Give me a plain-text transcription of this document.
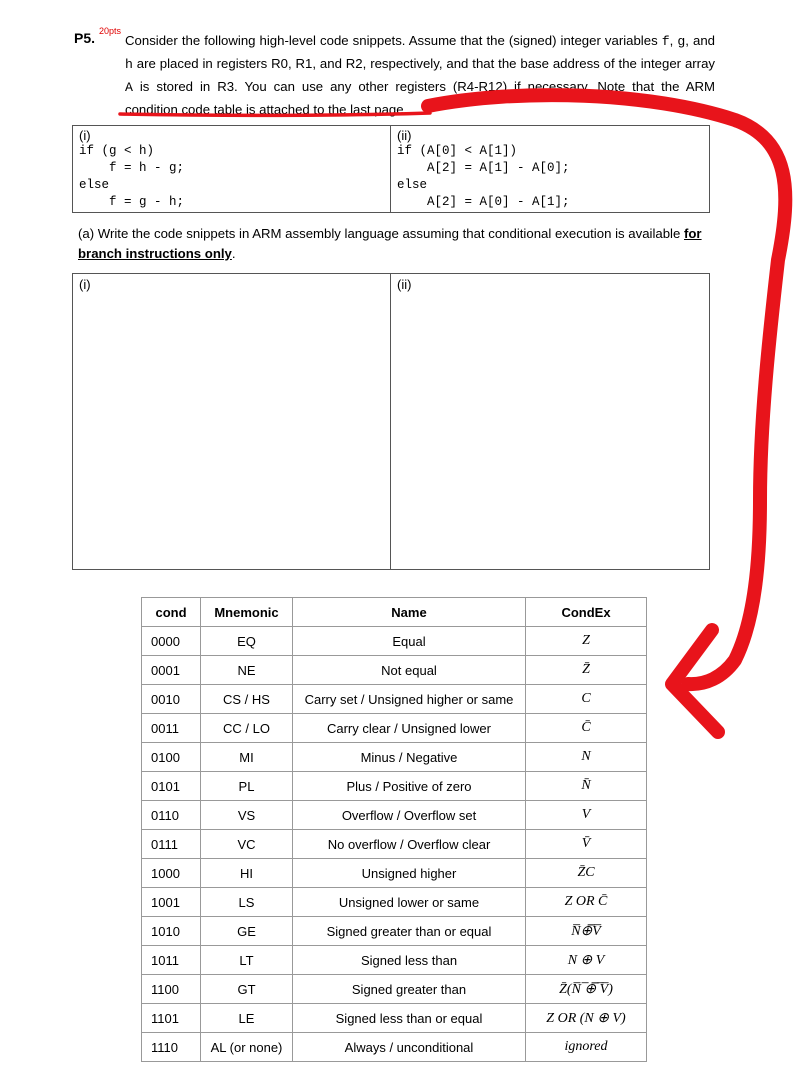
P5. 20pts
Consider the following high-level code snippets. Assume that the (signed) integer variables f, g, and h are placed in registers R0, R1, and R2, respectively, and that the base address of the integer array A is stored in R3. You can use any other registers (R4-R12) if necessary. Note that the ARM condition code table is attached to the last page.
(i)
if (g < h)
f = h - g;
else
f = g - h;
(ii)
if (A[0] < A[1])
A[2] = A[1] - A[0];
else
A[2] = A[0] - A[1];
(a) Write the code snippets in ARM assembly language assuming that conditional execution is available for branch instructions only.
(i)	(ii)
cond	Mnemonic	Name	CondEx
0000	EQ	Equal	Z
0001	NE	Not equal	Z̄
0010	CS / HS	Carry set / Unsigned higher or same	C
0011	CC / LO	Carry clear / Unsigned lower	C̄
0100	MI	Minus / Negative	N
0101	PL	Plus / Positive of zero	N̄
0110	VS	Overflow / Overflow set	V
0111	VC	No overflow / Overflow clear	V̄
1000	HI	Unsigned higher	Z̄C
1001	LS	Unsigned lower or same	Z OR C̄
1010	GE	Signed greater than or equal	N̅⊕̅V̅
1011	LT	Signed less than	N ⊕ V
1100	GT	Signed greater than	Z̄(N̅ ̅⊕̅ ̅V̅)
1101	LE	Signed less than or equal	Z OR (N ⊕ V)
1110	AL (or none)	Always / unconditional	ignored
